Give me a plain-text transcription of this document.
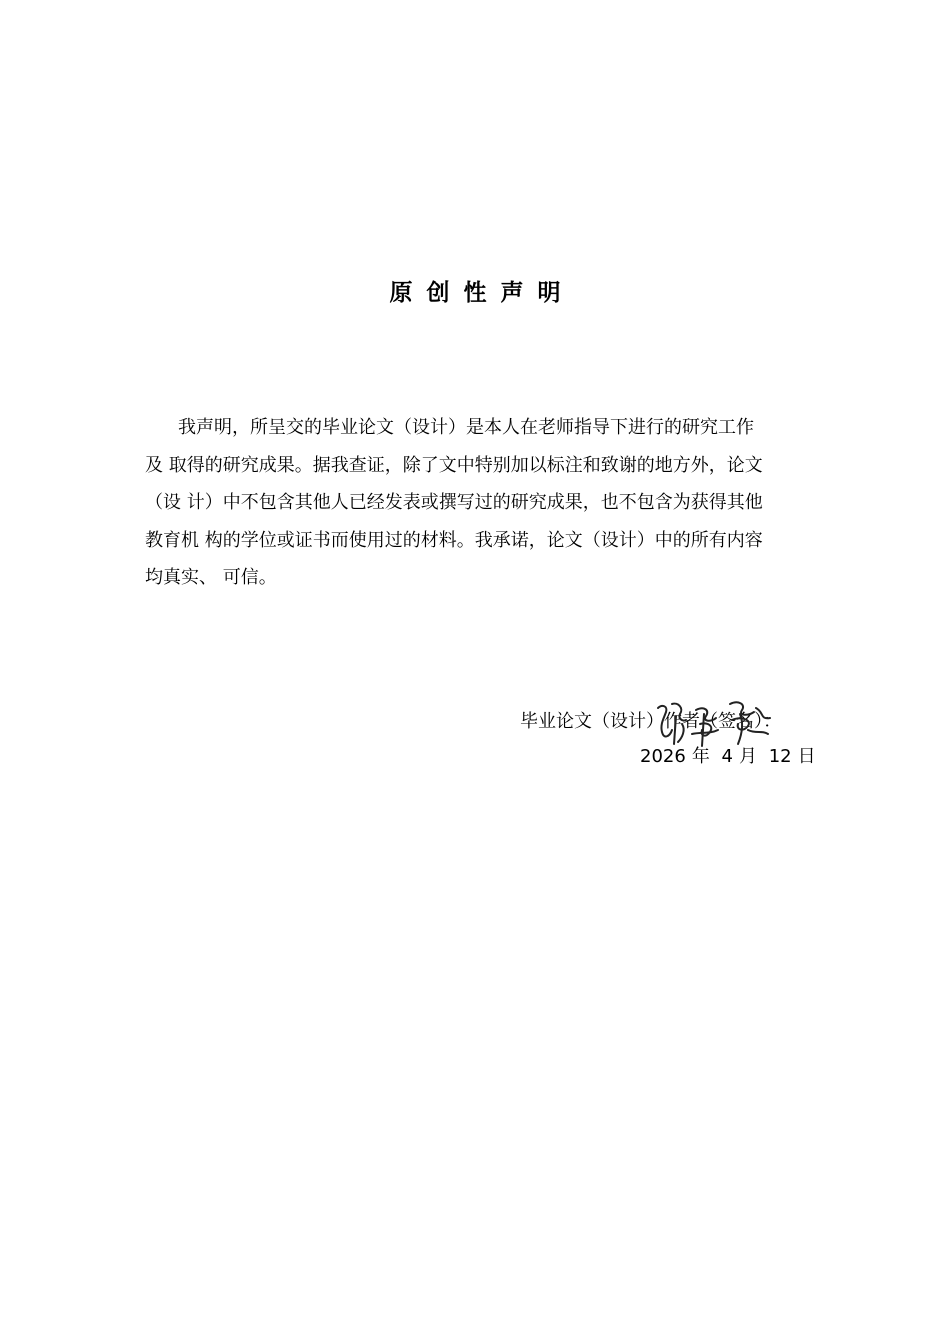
原创性声明
我声明，所呈交的毕业论文（设计）是本人在老师指导下进行的研究工作
及 取得的研究成果。据我查证，除了文中特别加以标注和致谢的地方外，论文
（设 计）中不包含其他人已经发表或撰写过的研究成果，也不包含为获得其他
教育机 构的学位或证书而使用过的材料。我承诺，论文（设计）中的所有内容
均真实、 可信。
毕业论文（设计）作者（签名）：
2026 年 4 月 12 日
